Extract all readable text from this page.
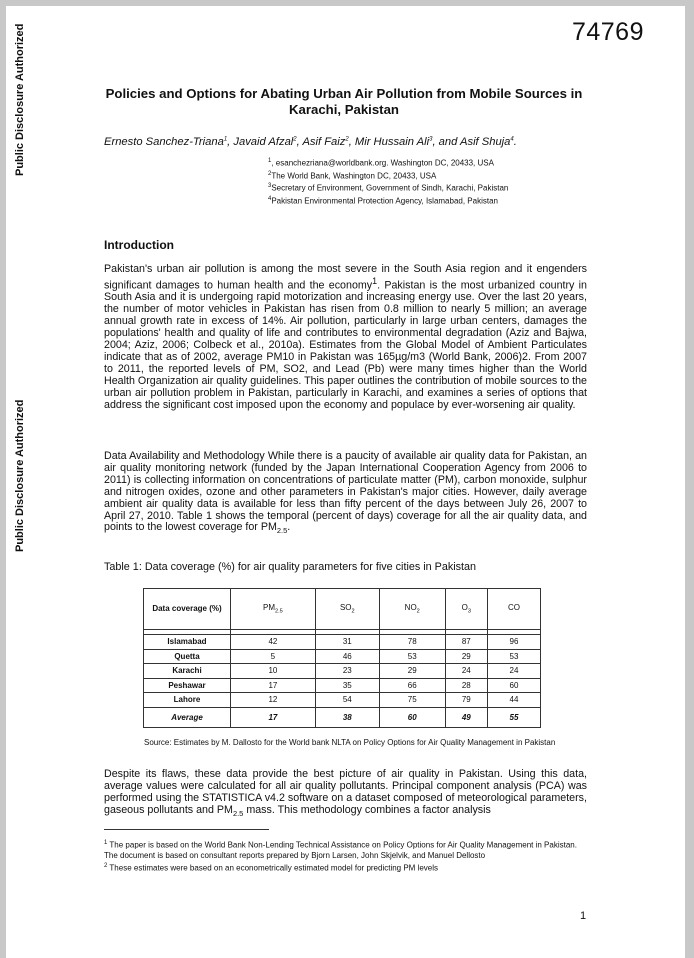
74769
Policies and Options for Abating Urban Air Pollution from Mobile Sources in Karachi, Pakistan
Ernesto Sanchez-Triana$^1$, Javaid Afzal$^2$, Asif Faiz$^2$, Mir Hussain Ali$^3$, and Asif Shuja$^4$.
$^1$, esanchezriana@worldbank.org. Washington DC, 20433, USA
$^2$The World Bank, Washington DC, 20433, USA
$^3$Secretary of Environment, Government of Sindh, Karachi, Pakistan
$^4$Pakistan Environmental Protection Agency, Islamabad, Pakistan
Introduction
Pakistan's urban air pollution is among the most severe in the South Asia region and it engenders significant damages to human health and the economy$^1$. Pakistan is the most urbanized country in South Asia and it is undergoing rapid motorization and increasing energy use. Over the last 20 years, the number of motor vehicles in Pakistan has risen from 0.8 million to nearly 5 million; an average annual growth rate in excess of 14%. Air pollution, particularly in large urban centers, damages the populations' health and quality of life and contributes to environmental degradation (Aziz and Bajwa, 2004; Aziz, 2006; Colbeck et al., 2010a). Estimates from the Global Model of Ambient Particulates indicate that as of 2002, average PM10 in Pakistan was 165µg/m3 (World Bank, 2006)2. From 2007 to 2011, the reported levels of PM, SO2, and Lead (Pb) were many times higher than the World Health Organization air quality guidelines. This paper outlines the contribution of mobile sources to the urban air pollution problem in Pakistan, particularly in Karachi, and examines a series of options that address the significant cost imposed upon the economy and populace by ever-worsening air quality.
Data Availability and Methodology While there is a paucity of available air quality data for Pakistan, an air quality monitoring network (funded by the Japan International Cooperation Agency from 2006 to 2011) is collecting information on concentrations of particulate matter (PM), carbon monoxide, sulphur and nitrogen oxides, ozone and other parameters in Pakistan's major cities. However, daily average ambient air quality data is available for less than fifty percent of the days between July 26, 2007 to April 27, 2010. Table 1 shows the temporal (percent of days) coverage for all the air quality data, and points to the lowest coverage for $PM_{2.5}$.
Table 1: Data coverage (%) for air quality parameters for five cities in Pakistan
Data coverage (%)	$PM_{2.5}$	$SO_2$	$NO_2$	$O_3$	CO

Islamabad	42	31	78	87	96
Quetta	5	46	53	29	53
Karachi	10	23	29	24	24
Peshawar	17	35	66	28	60
Lahore	12	54	75	79	44
Average	17	38	60	49	55
Source: Estimates by M. Dallosto for the World bank NLTA on Policy Options for Air Quality Management in Pakistan
Despite its flaws, these data provide the best picture of air quality in Pakistan. Using this data, average values were calculated for all air quality pollutants. Principal component analysis (PCA) was performed using the STATISTICA v4.2 software on a dataset composed of meteorological parameters, gaseous pollutants and $PM_{2.5}$ mass. This methodology combines a factor analysis
$^1$ The paper is based on the World Bank Non-Lending Technical Assistance on Policy Options for Air Quality Management in Pakistan. The document is based on consultant reports prepared by Bjorn Larsen, John Skjelvik, and Manuel Dellosto
$^2$ These estimates were based on an econometrically estimated model for predicting PM levels
1
